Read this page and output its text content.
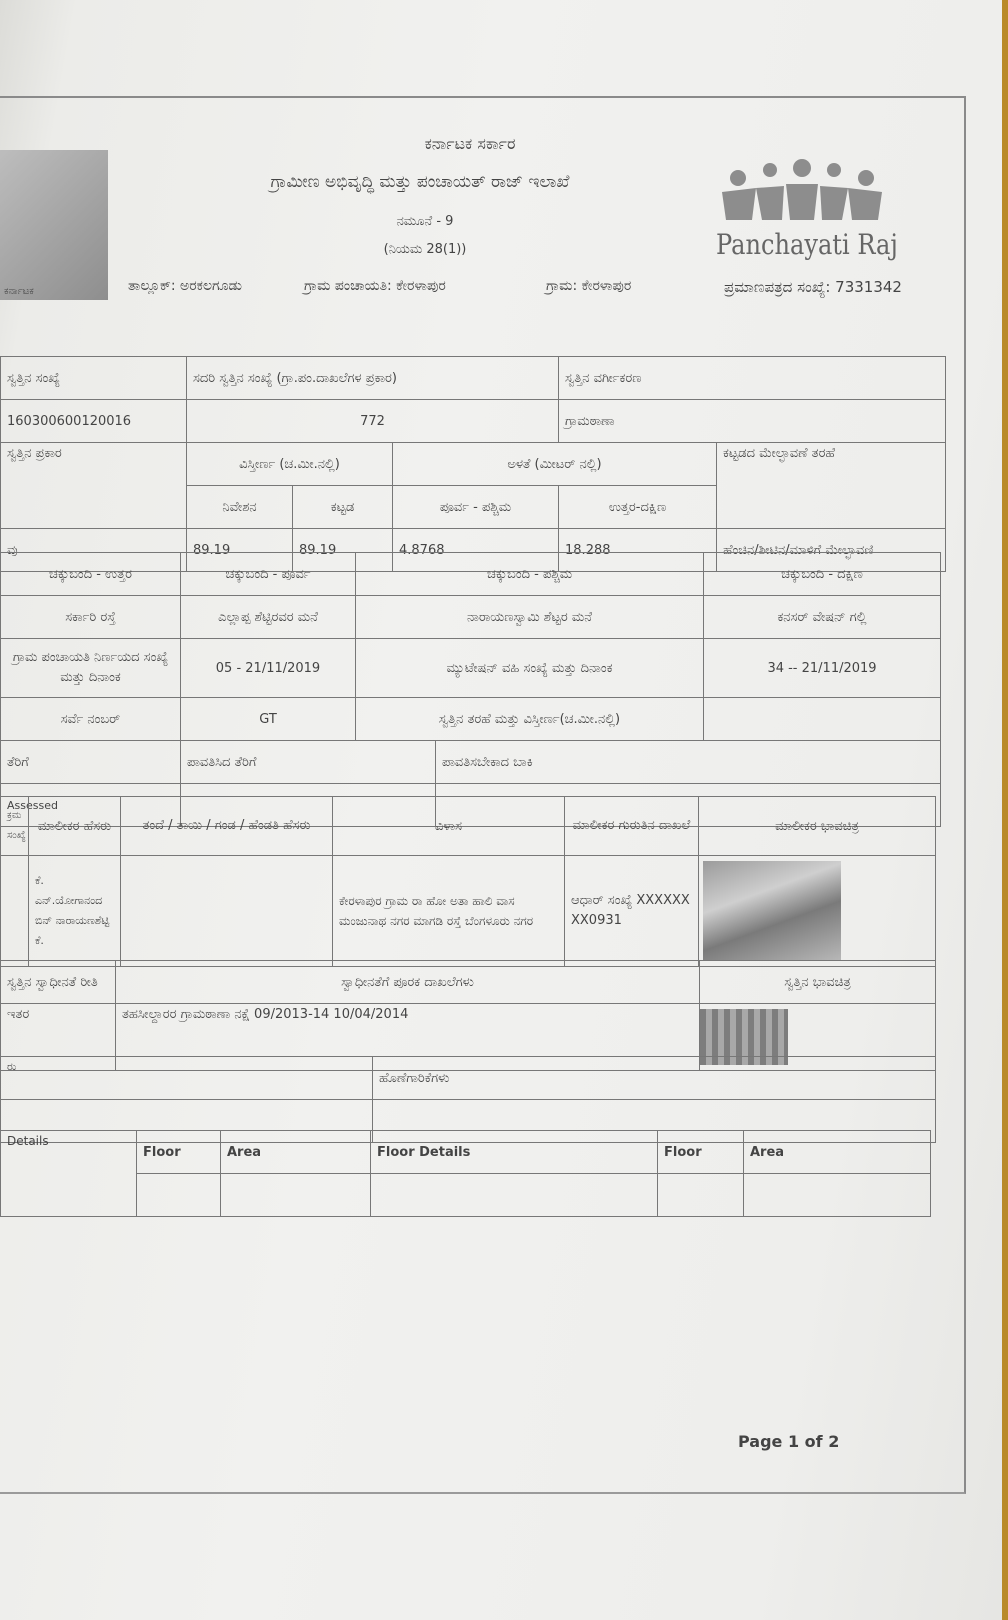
ಕರ್ನಾಟಕ
ಕರ್ನಾಟಕ ಸರ್ಕಾರ
ಗ್ರಾಮೀಣ ಅಭಿವೃದ್ಧಿ ಮತ್ತು ಪಂಚಾಯತ್ ರಾಜ್ ಇಲಾಖೆ
ನಮೂನೆ - 9
(ನಿಯಮ 28(1))	Panchayati Raj
ತಾಲ್ಲೂಕ್: ಅರಕಲಗೂಡು	ಗ್ರಾಮ ಪಂಚಾಯತಿ: ಕೇರಳಾಪುರ	ಗ್ರಾಮ: ಕೇರಳಾಪುರ	ಪ್ರಮಾಣಪತ್ರದ ಸಂಖ್ಯೆ: 7331342
ಸ್ವತ್ತಿನ ಸಂಖ್ಯೆ	ಸದರಿ ಸ್ವತ್ತಿನ ಸಂಖ್ಯೆ (ಗ್ರಾ.ಪಂ.ದಾಖಲೆಗಳ ಪ್ರಕಾರ)			ಸ್ವತ್ತಿನ ವರ್ಗೀಕರಣ	
160300600120016	772			ಗ್ರಾಮಠಾಣಾ	
ಸ್ವತ್ತಿನ ಪ್ರಕಾರ	ವಿಸ್ತೀರ್ಣ (ಚ.ಮೀ.ನಲ್ಲಿ)		ಅಳತೆ (ಮೀಟರ್ ನಲ್ಲಿ)		ಕಟ್ಟಡದ ಮೇಲ್ಛಾವಣೆ ತರಹೆ
	ನಿವೇಶನ	ಕಟ್ಟಡ	ಪೂರ್ವ - ಪಶ್ಚಿಮ	ಉತ್ತರ-ದಕ್ಷಿಣ	
ವು	89.19	89.19	4.8768	18.288	ಹೆಂಚಿನ/ಶೀಟಿನ/ಮಾಳಿಗೆ ಮೇಲ್ಛಾವಣಿ
ಚಕ್ಕುಬಂದಿ - ಉತ್ತರ	ಚಕ್ಕುಬಂದಿ - ಪೂರ್ವ	ಚಕ್ಕುಬಂದಿ - ಪಶ್ಚಿಮ		ಚಕ್ಕುಬಂದಿ - ದಕ್ಷಿಣ
ಸರ್ಕಾರಿ ರಸ್ತೆ	ಎಲ್ಲಾಪ್ಪ ಶೆಟ್ಟಿರವರ ಮನೆ	ನಾರಾಯಣಸ್ವಾಮಿ ಶೆಟ್ಟರ ಮನೆ		ಕನಸರ್ ವೇಷನ್ ಗಲ್ಲಿ
ಗ್ರಾಮ ಪಂಚಾಯತಿ ನಿರ್ಣಯದ ಸಂಖ್ಯೆ ಮತ್ತು ದಿನಾಂಕ	05 - 21/11/2019	ಮ್ಯುಟೇಷನ್ ವಹಿ ಸಂಖ್ಯೆ ಮತ್ತು ದಿನಾಂಕ		34 -- 21/11/2019
ಸರ್ವೆ ನಂಬರ್	GT	ಸ್ವತ್ತಿನ ತರಹೆ ಮತ್ತು ವಿಸ್ತೀರ್ಣ(ಚ.ಮೀ.ನಲ್ಲಿ)		
ತೆರಿಗೆ	ಪಾವತಿಸಿದ ತೆರಿಗೆ		ಪಾವತಿಸಬೇಕಾದ ಬಾಕಿ	
Assessed				
ಕ್ರಮ ಸಂಖ್ಯೆ	ಮಾಲೀಕರ ಹೆಸರು	ತಂದೆ / ತಾಯಿ / ಗಂಡ / ಹೆಂಡತಿ ಹೆಸರು	ವಿಳಾಸ	ಮಾಲೀಕರ ಗುರುತಿನ ದಾಖಲೆ	ಮಾಲೀಕರ ಭಾವಚಿತ್ರ
	ಕೆ. ಎನ್.ಯೋಗಾನಂದ ಬಿನ್ ನಾರಾಯಣಶೆಟ್ಟಿ ಕೆ.		ಕೇರಳಾಪುರ ಗ್ರಾಮ ರಾ ಹೋ ಅತಾ ಹಾಲಿ ವಾಸ ಮಂಜುನಾಥ ನಗರ ಮಾಗಡಿ ರಸ್ತೆ ಬೆಂಗಳೂರು ನಗರ	ಆಧಾರ್ ಸಂಖ್ಯೆ XXXXXXXX0931	
ಸ್ವತ್ತಿನ ಸ್ವಾಧೀನತೆ ರೀತಿ	ಸ್ವಾಧೀನತೆಗೆ ಪೂರಕ ದಾಖಲೆಗಳು	ಸ್ವತ್ತಿನ ಭಾವಚಿತ್ರ
ಇತರ	ತಹಸೀಲ್ದಾರರ ಗ್ರಾಮಠಾಣಾ ನಕ್ಷೆ 09/2013-14 10/04/2014	
ರು	ಹೊಣೆಗಾರಿಕೆಗಳು

Details	Floor	Area	Floor Details	Floor	Area

Page 1 of 2
